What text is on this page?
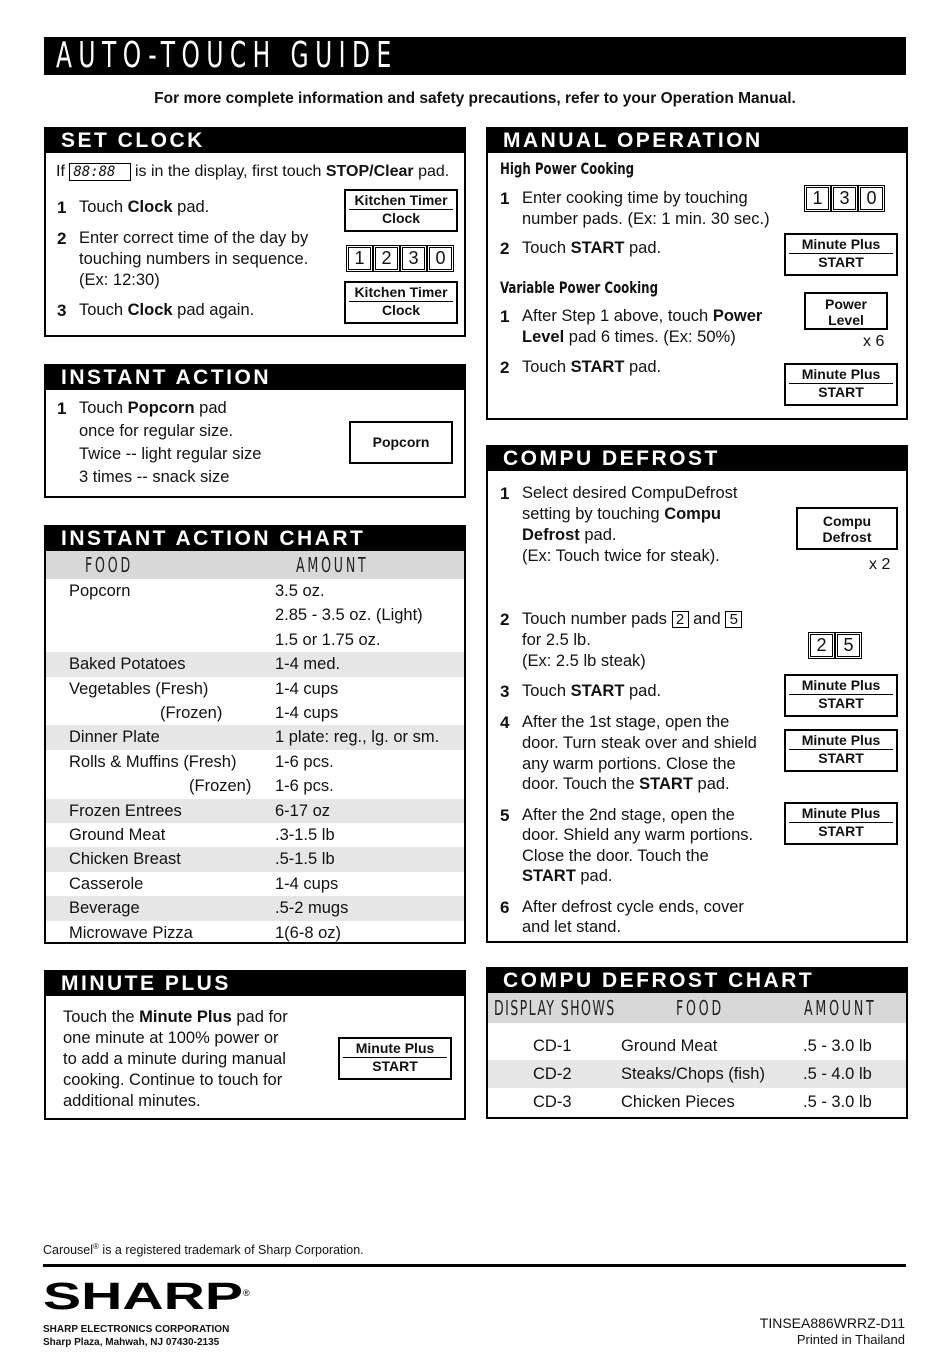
AUTO-TOUCH GUIDE
For more complete information and safety precautions, refer to your Operation Manual.
SET CLOCK
If 88:88 is in the display, first touch STOP/Clear pad.
1 Touch Clock pad.
2 Enter correct time of the day by
touching numbers in sequence.
(Ex: 12:30)
3 Touch Clock pad again.
Kitchen Timer
Clock
1 2 3 0
Kitchen Timer
Clock
INSTANT ACTION
1 Touch Popcorn pad
once for regular size.
Twice -- light regular size
3 times -- snack size
Popcorn
INSTANT ACTION CHART
FOOD	AMOUNT
Popcorn	3.5 oz.
2.85 - 3.5 oz. (Light)
1.5 or 1.75 oz.
Baked Potatoes	1-4 med.
Vegetables (Fresh)	1-4 cups
(Frozen)	1-4 cups
Dinner Plate	1 plate: reg., lg. or sm.
Rolls & Muffins (Fresh) 1-6 pcs.
(Frozen) 1-6 pcs.
Frozen Entrees	6-17 oz
Ground Meat	.3-1.5 lb
Chicken Breast	.5-1.5 lb
Casserole	1-4 cups
Beverage	.5-2 mugs
Microwave Pizza	1(6-8 oz)
MINUTE PLUS
Touch the Minute Plus pad for
one minute at 100% power or
to add a minute during manual
cooking. Continue to touch for
additional minutes.
Minute Plus
START
MANUAL OPERATION
High Power Cooking
1 Enter cooking time by touching
number pads. (Ex: 1 min. 30 sec.)
1 3 0
2 Touch START pad.	Minute Plus
START
Variable Power Cooking
1 After Step 1 above, touch Power
Level pad 6 times. (Ex: 50%)
Power
Level
x 6
2 Touch START pad.	Minute Plus
START
COMPU DEFROST
1 Select desired CompuDefrost
setting by touching Compu
Defrost pad.
(Ex: Touch twice for steak).
Compu
Defrost
x 2
2 Touch number pads 2 and 5
for 2.5 lb.
(Ex: 2.5 lb steak)
2 5
3 Touch START pad.	Minute Plus
START
4 After the 1st stage, open the
door. Turn steak over and shield
any warm portions. Close the
door. Touch the START pad.
Minute Plus
START
5 After the 2nd stage, open the
door. Shield any warm portions.
Close the door. Touch the
START pad.
Minute Plus
START
6 After defrost cycle ends, cover
and let stand.
COMPU DEFROST CHART
DISPLAY SHOWS	FOOD	AMOUNT
CD-1	Ground Meat	.5 - 3.0 lb
CD-2	Steaks/Chops (fish) .5 - 4.0 lb
CD-3	Chicken Pieces	.5 - 3.0 lb
Carousel® is a registered trademark of Sharp Corporation.
SHARP ®
SHARP ELECTRONICS CORPORATION
Sharp Plaza, Mahwah, NJ 07430-2135
TINSEA886WRRZ-D11
Printed in Thailand
